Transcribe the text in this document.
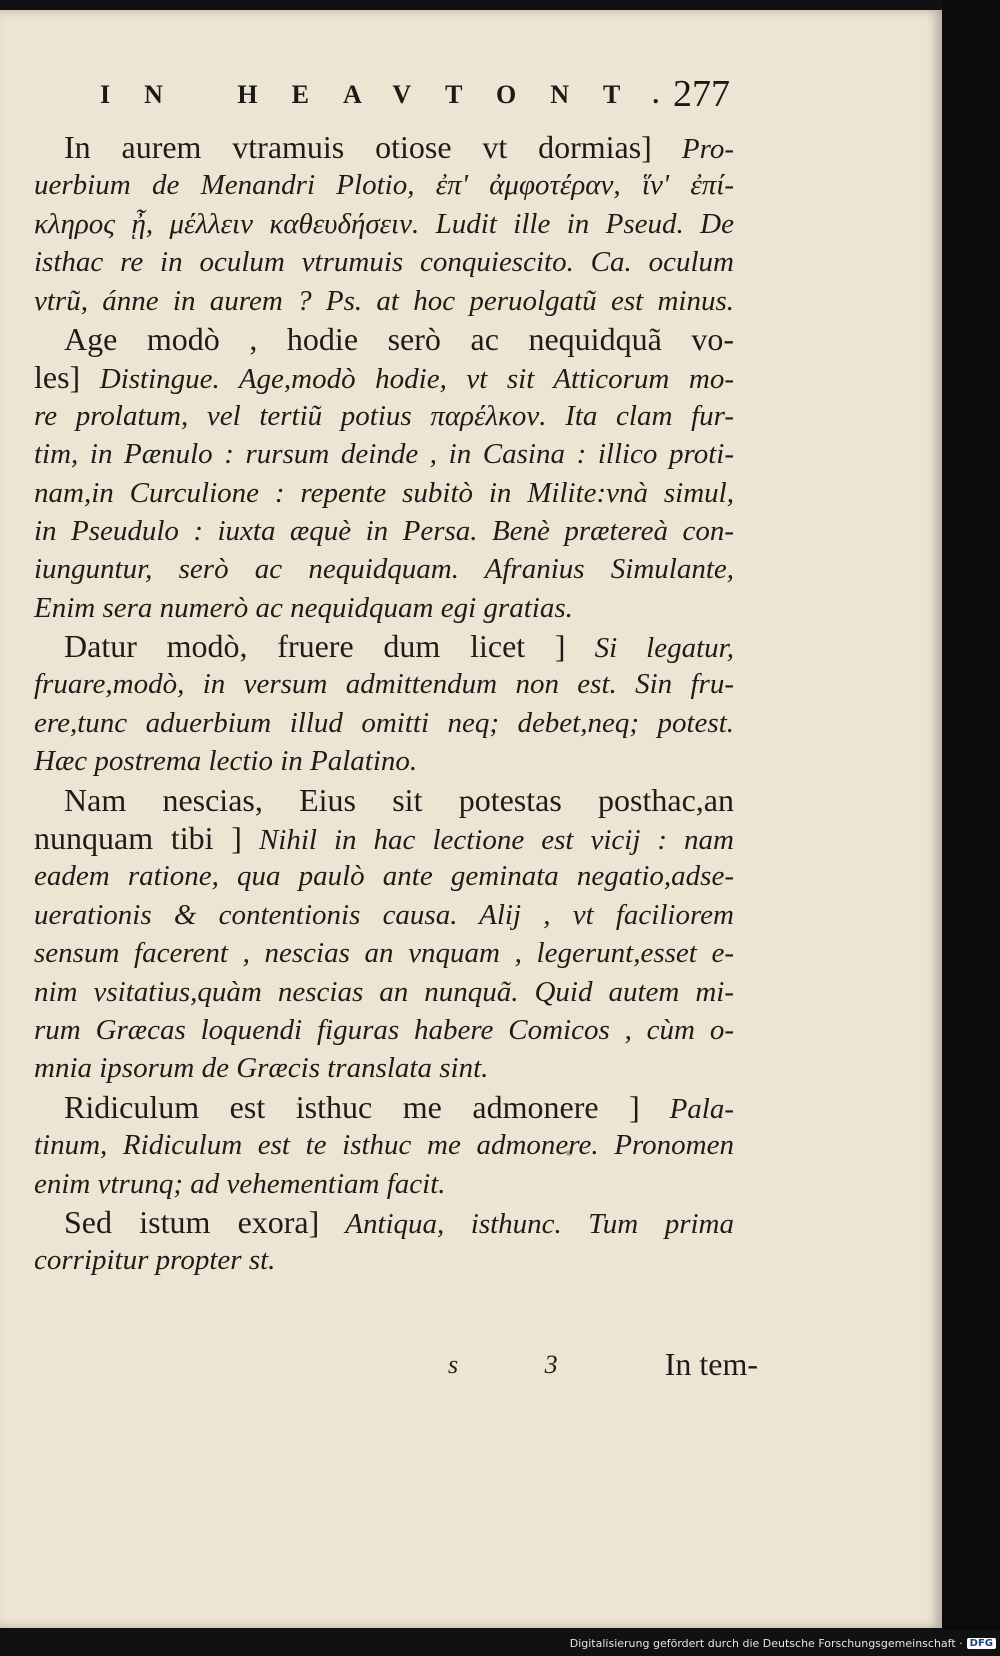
IN HEAVTONT.
277
In aurem vtramuis otiose vt dormias] Pro-
uerbium de Menandri Plotio, ἐπ' ἀμφοτέραν, ἵν' ἐπί-
κληρος ᾖ, μέλλειν καθευδήσειν. Ludit ille in Pseud. De
isthac re in oculum vtrumuis conquiescito. Ca. oculum
vtrũ, ánne in aurem ? Ps. at hoc peruolgatũ est minus.
Age modò , hodie serò ac nequidquã vo-
les] Distingue. Age,modò hodie, vt sit Atticorum mo-
re prolatum, vel tertiũ potius παρέλκον. Ita clam fur-
tim, in Pænulo : rursum deinde , in Casina : illico proti-
nam,in Curculione : repente subitò in Milite:vnà simul,
in Pseudulo : iuxta æquè in Persa. Benè prætereà con-
iunguntur, serò ac nequidquam. Afranius Simulante,
Enim sera numerò ac nequidquam egi gratias.
Datur modò, fruere dum licet ] Si legatur,
fruare,modò, in versum admittendum non est. Sin fru-
ere,tunc aduerbium illud omitti neq; debet,neq; potest.
Hæc postrema lectio in Palatino.
Nam nescias, Eius sit potestas posthac,an
nunquam tibi ] Nihil in hac lectione est vicij : nam
eadem ratione, qua paulò ante geminata negatio,adse-
uerationis & contentionis causa. Alij , vt faciliorem
sensum facerent , nescias an vnquam , legerunt,esset e-
nim vsitatius,quàm nescias an nunquã. Quid autem mi-
rum Græcas loquendi figuras habere Comicos , cùm o-
mnia ipsorum de Græcis translata sint.
Ridiculum est isthuc me admonere ] Pala-
tinum, Ridiculum est te isthuc me admonere. Pronomen
enim vtrunq; ad vehementiam facit.
Sed istum exora] Antiqua, isthunc. Tum prima
corripitur propter st.
s 3 In tem-
Digitalisierung gefördert durch die Deutsche Forschungsgemeinschaft · DFG
